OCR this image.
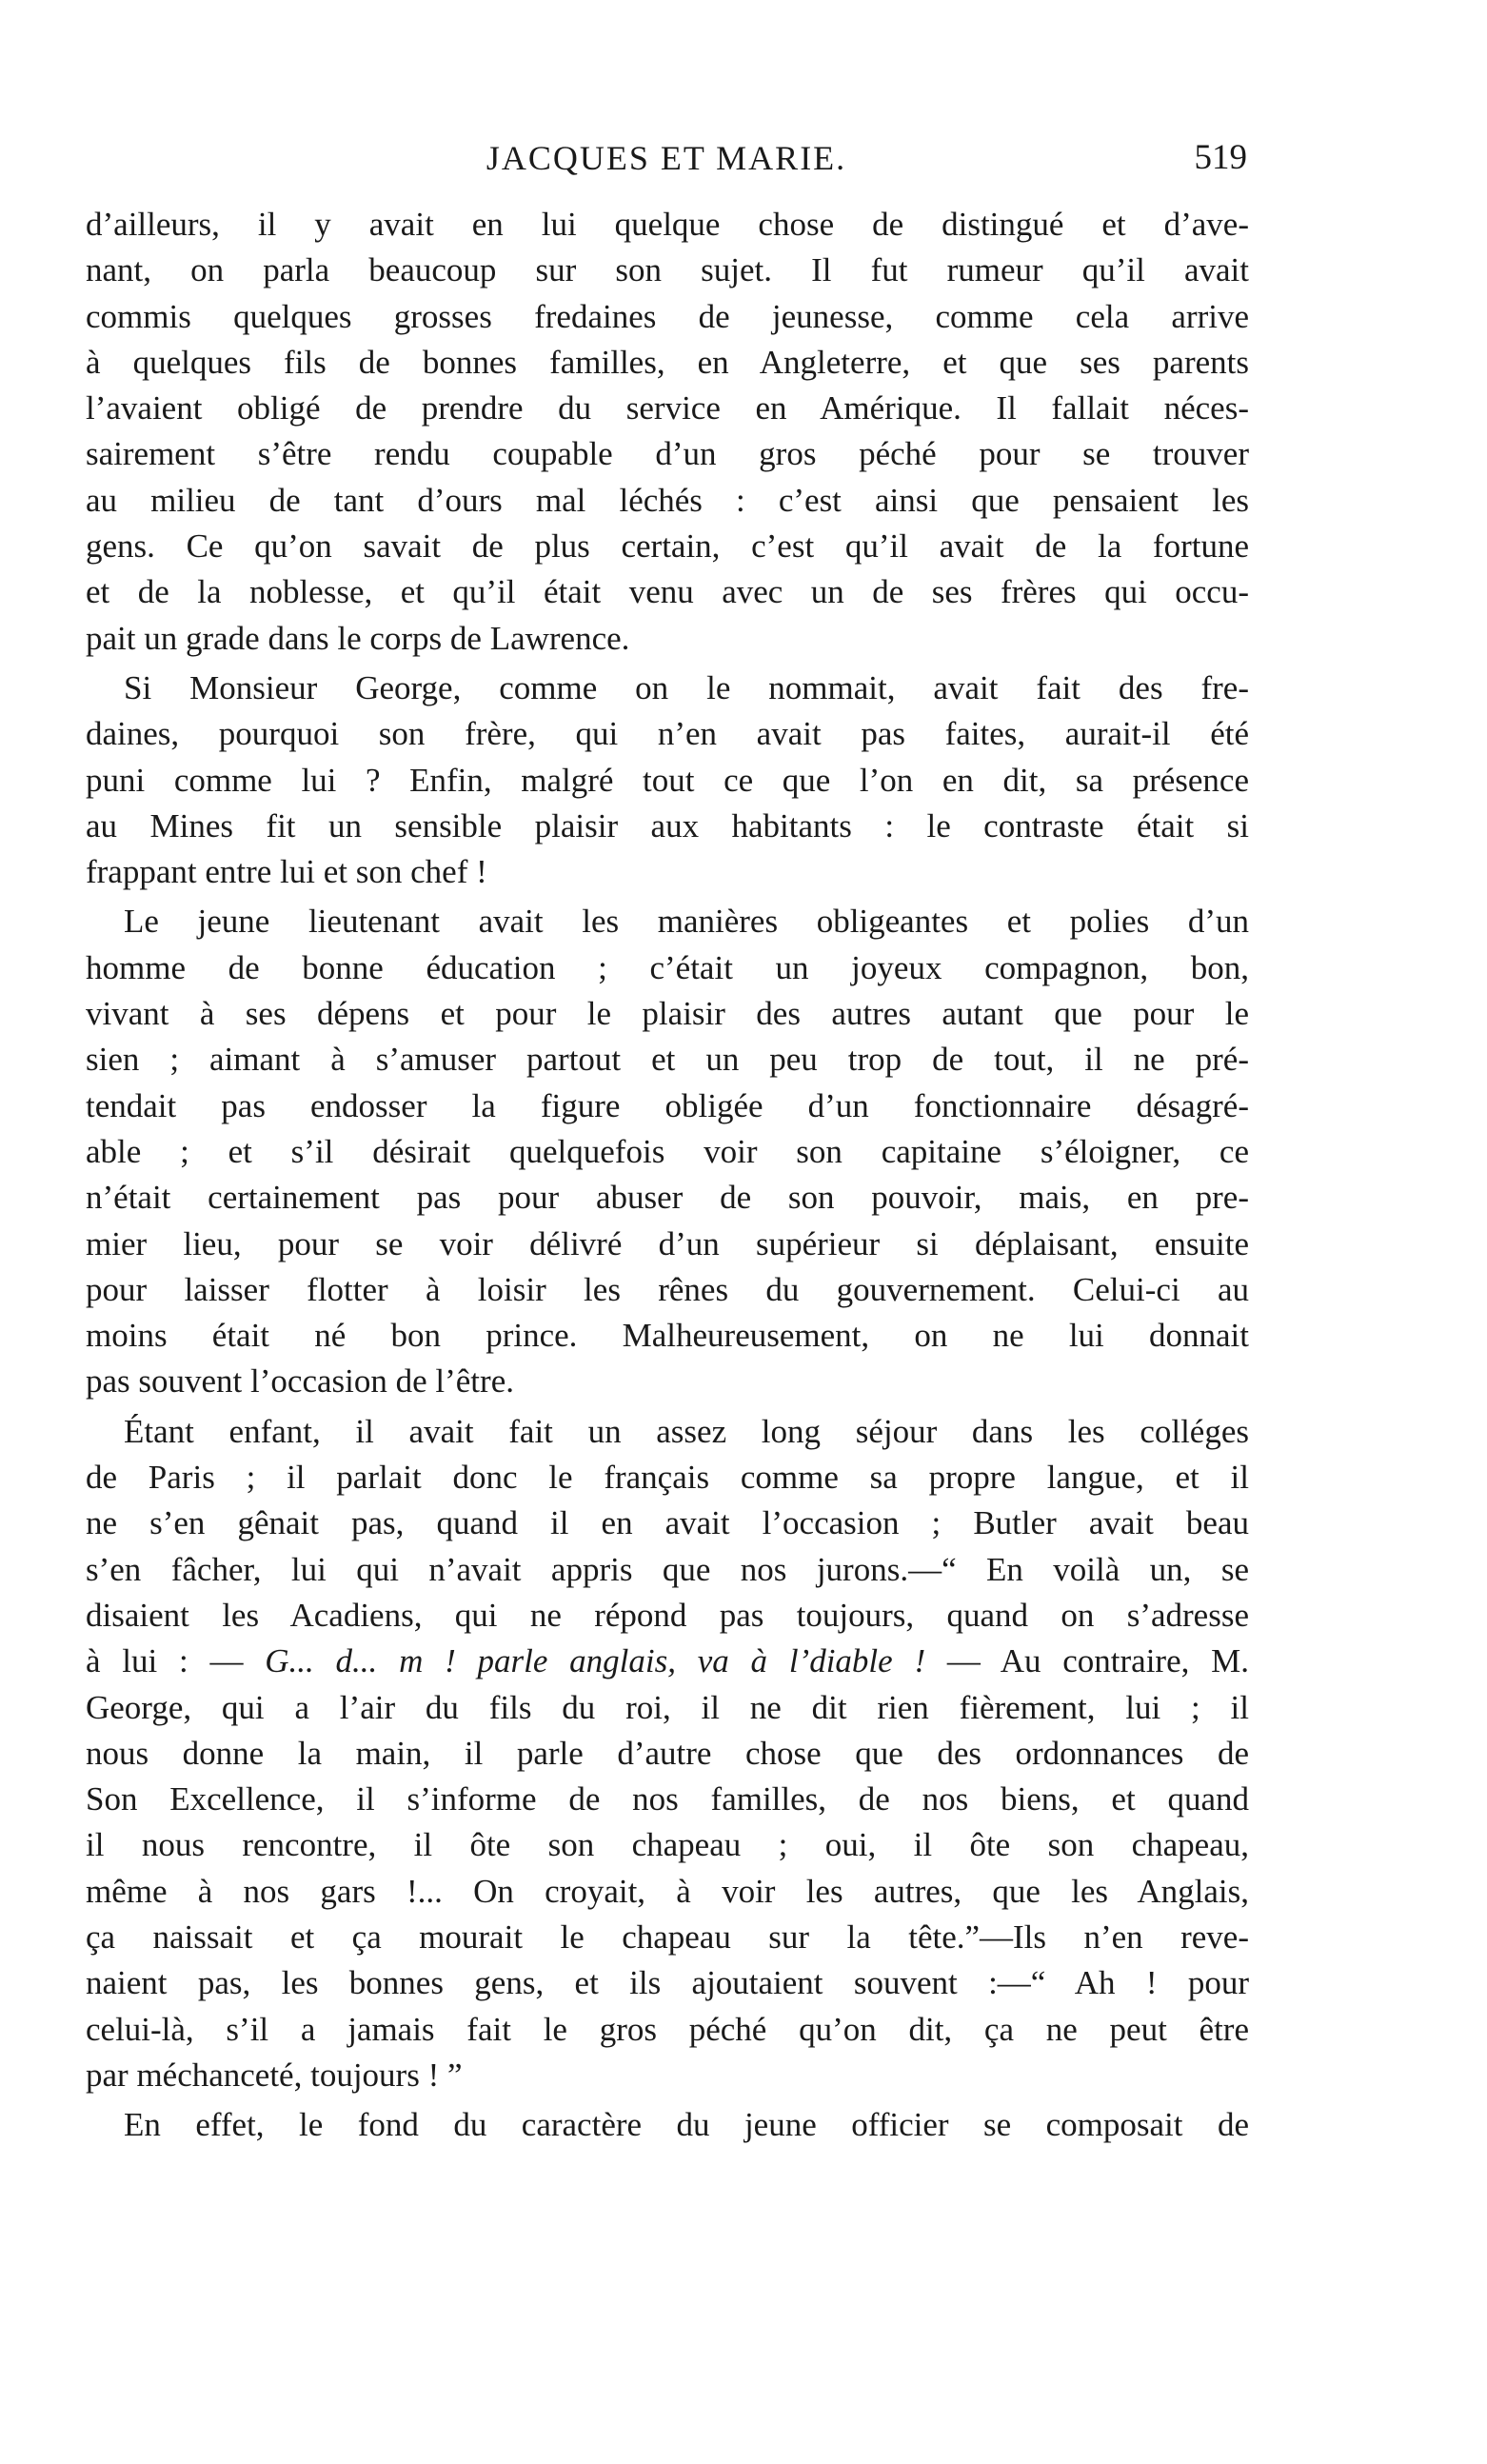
JACQUES ET MARIE.	519
d’ailleurs, il y avait en lui quelque chose de distingué et d’ave-
nant, on parla beaucoup sur son sujet. Il fut rumeur qu’il avait
commis quelques grosses fredaines de jeunesse, comme cela arrive
à quelques fils de bonnes familles, en Angleterre, et que ses parents
l’avaient obligé de prendre du service en Amérique. Il fallait néces-
sairement s’être rendu coupable d’un gros péché pour se trouver
au milieu de tant d’ours mal léchés : c’est ainsi que pensaient les
gens. Ce qu’on savait de plus certain, c’est qu’il avait de la fortune
et de la noblesse, et qu’il était venu avec un de ses frères qui occu-
pait un grade dans le corps de Lawrence.
Si Monsieur George, comme on le nommait, avait fait des fre-
daines, pourquoi son frère, qui n’en avait pas faites, aurait-il été
puni comme lui ? Enfin, malgré tout ce que l’on en dit, sa présence
au Mines fit un sensible plaisir aux habitants : le contraste était si
frappant entre lui et son chef !
Le jeune lieutenant avait les manières obligeantes et polies d’un
homme de bonne éducation ; c’était un joyeux compagnon, bon,
vivant à ses dépens et pour le plaisir des autres autant que pour le
sien ; aimant à s’amuser partout et un peu trop de tout, il ne pré-
tendait pas endosser la figure obligée d’un fonctionnaire désagré-
able ; et s’il désirait quelquefois voir son capitaine s’éloigner, ce
n’était certainement pas pour abuser de son pouvoir, mais, en pre-
mier lieu, pour se voir délivré d’un supérieur si déplaisant, ensuite
pour laisser flotter à loisir les rênes du gouvernement. Celui-ci au
moins était né bon prince. Malheureusement, on ne lui donnait
pas souvent l’occasion de l’être.
Étant enfant, il avait fait un assez long séjour dans les colléges
de Paris ; il parlait donc le français comme sa propre langue, et il
ne s’en gênait pas, quand il en avait l’occasion ; Butler avait beau
s’en fâcher, lui qui n’avait appris que nos jurons.—“ En voilà un, se
disaient les Acadiens, qui ne répond pas toujours, quand on s’adresse
à lui : — G... d... m ! parle anglais, va à l’diable ! — Au contraire, M.
George, qui a l’air du fils du roi, il ne dit rien fièrement, lui ; il
nous donne la main, il parle d’autre chose que des ordonnances de
Son Excellence, il s’informe de nos familles, de nos biens, et quand
il nous rencontre, il ôte son chapeau ; oui, il ôte son chapeau,
même à nos gars !... On croyait, à voir les autres, que les Anglais,
ça naissait et ça mourait le chapeau sur la tête.”—Ils n’en reve-
naient pas, les bonnes gens, et ils ajoutaient souvent :—“ Ah ! pour
celui-là, s’il a jamais fait le gros péché qu’on dit, ça ne peut être
par méchanceté, toujours ! ”
En effet, le fond du caractère du jeune officier se composait de
